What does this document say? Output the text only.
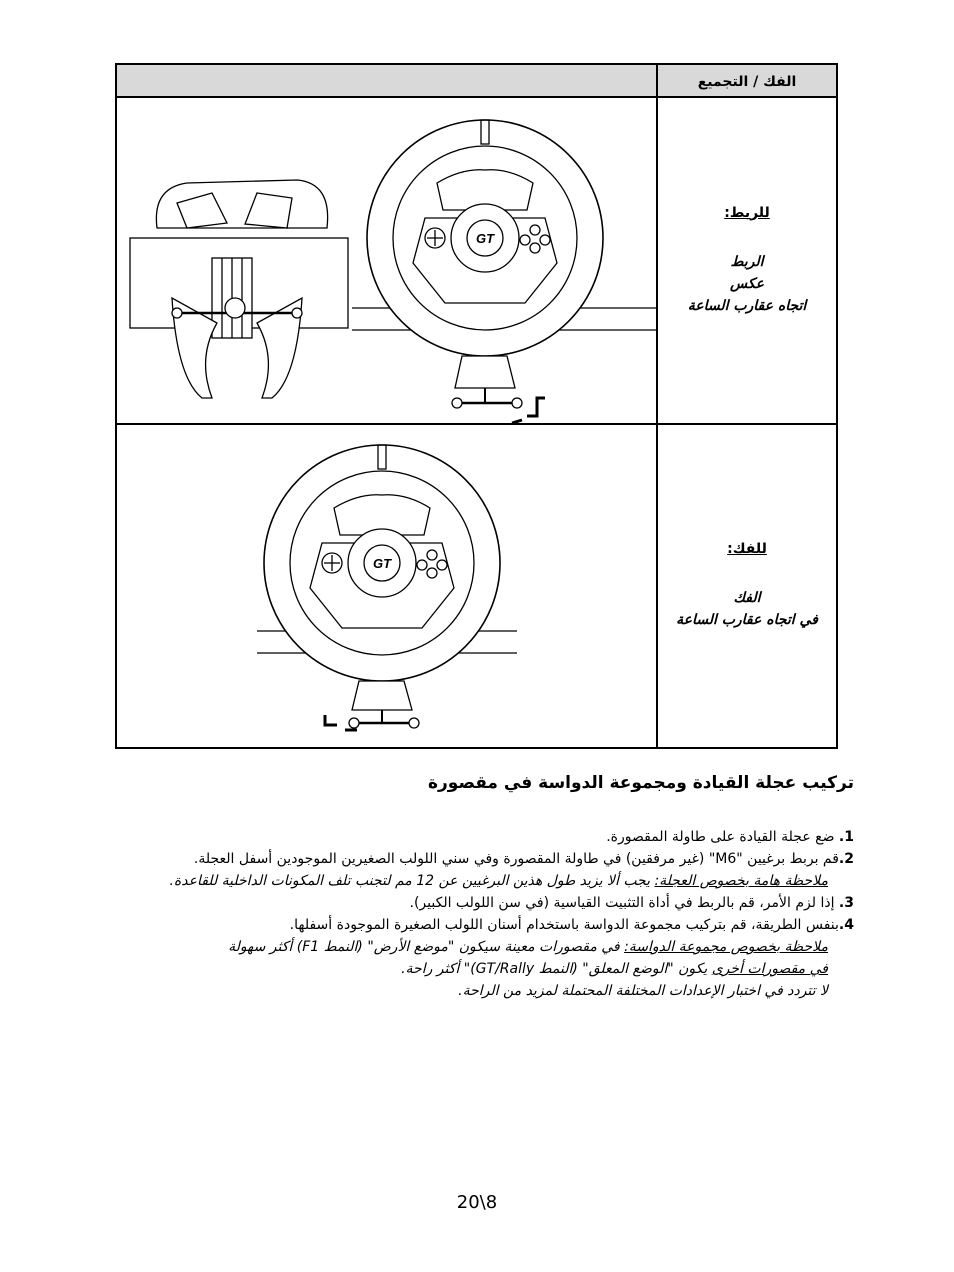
	الفك / التجميع

GT	للربط:
الربط
عكس
اتجاه عقارب الساعة

GT	للفك:
الفك
في اتجاه عقارب الساعة
تركيب عجلة القيادة ومجموعة الدواسة في مقصورة
1. ضع عجلة القيادة على طاولة المقصورة.
2.قم بربط برغيين "M6" (غير مرفقين) في طاولة المقصورة وفي سني اللولب الصغيرين الموجودين أسفل العجلة.
ملاحظة هامة بخصوص العجلة: يجب ألا يزيد طول هذين البرغيين عن 12 مم لتجنب تلف المكونات الداخلية للقاعدة.
3. إذا لزم الأمر، قم بالربط في أداة التثبيت القياسية (في سن اللولب الكبير).
4.بنفس الطريقة، قم بتركيب مجموعة الدواسة باستخدام أسنان اللولب الصغيرة الموجودة أسفلها.
ملاحظة بخصوص مجموعة الدواسة: في مقصورات معينة سيكون "موضع الأرض" (النمط F1) أكثر سهولة
في مقصورات أخرى يكون "الوضع المعلق" (النمط GT/Rally)" أكثر راحة.
لا تتردد في اختبار الإعدادات المختلفة المحتملة لمزيد من الراحة.
20\8
